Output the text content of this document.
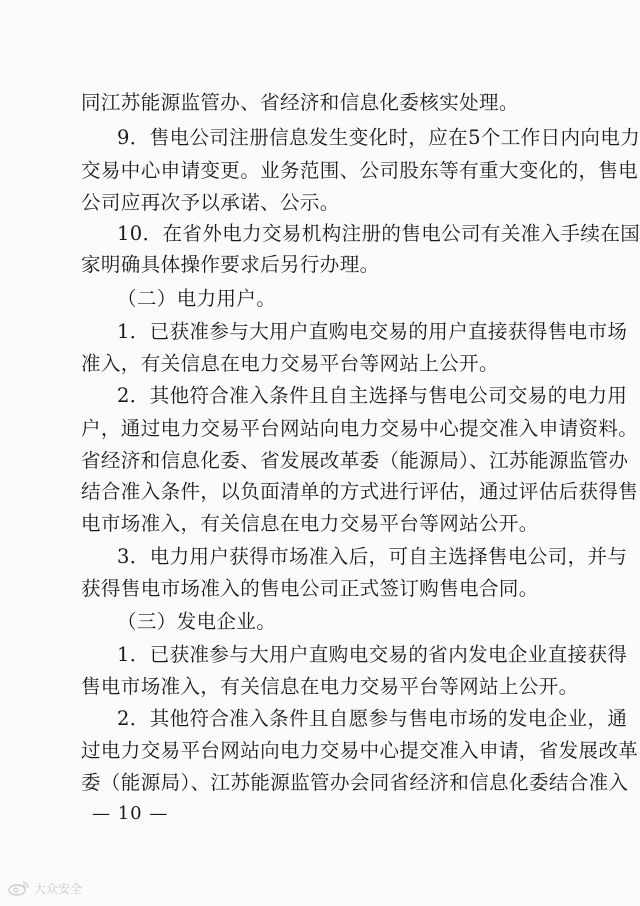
同江苏能源监管办、省经济和信息化委核实处理。
9．售电公司注册信息发生变化时，应在5个工作日内向电力
交易中心申请变更。业务范围、公司股东等有重大变化的，售电
公司应再次予以承诺、公示。
10．在省外电力交易机构注册的售电公司有关准入手续在国
家明确具体操作要求后另行办理。
（二）电力用户。
1．已获准参与大用户直购电交易的用户直接获得售电市场
准入，有关信息在电力交易平台等网站上公开。
2．其他符合准入条件且自主选择与售电公司交易的电力用
户，通过电力交易平台网站向电力交易中心提交准入申请资料。
省经济和信息化委、省发展改革委（能源局）、江苏能源监管办
结合准入条件，以负面清单的方式进行评估，通过评估后获得售
电市场准入，有关信息在电力交易平台等网站公开。
3．电力用户获得市场准入后，可自主选择售电公司，并与
获得售电市场准入的售电公司正式签订购售电合同。
（三）发电企业。
1．已获准参与大用户直购电交易的省内发电企业直接获得
售电市场准入，有关信息在电力交易平台等网站上公开。
2．其他符合准入条件且自愿参与售电市场的发电企业，通
过电力交易平台网站向电力交易中心提交准入申请，省发展改革
委（能源局）、江苏能源监管办会同省经济和信息化委结合准入
— 10 —
大众安全
